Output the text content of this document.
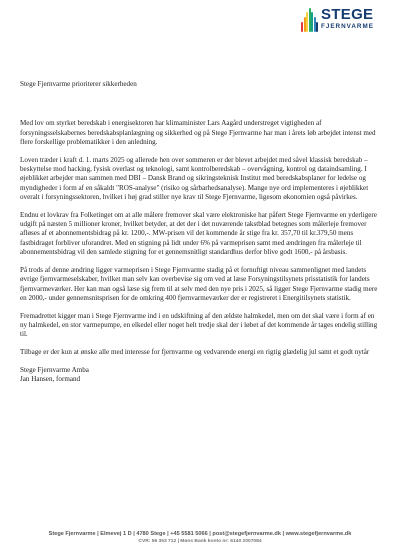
STEGE
FJERNVARME

Stege Fjernvarme prioriterer sikkerheden

Med lov om styrket beredskab i energisektoren har klimaminister Lars Aagård understreget vigtigheden af forsyningsselskabernes beredskabsplanlægning og sikkerhed og på Stege Fjernvarme har man i årets løb arbejdet intenst med flere forskellige problematikker i den anledning.

Loven træder i kraft d. 1. marts 2025 og allerede hen over sommeren er der blevet arbejdet med såvel klassisk beredskab – beskyttelse mod hacking, fysisk overlast og teknologi, samt kontrolberedskab – overvågning, kontrol og dataindsamling. I øjeblikket arbejder man sammen med DBI – Dansk Brand og sikringsteknisk Institut med beredskabsplaner for ledelse og myndigheder i form af en såkaldt "ROS-analyse" (risiko og sårbarhedsanalyse). Mange nye ord implementeres i øjeblikket overalt i forsyningssektoren, hvilket i høj grad stiller nye krav til Stege Fjernvarme, ligesom økonomien også påvirkes.

Endnu et lovkrav fra Folketinget om at alle målere fremover skal være elektroniske har påført Stege Fjernvarme en yderligere udgift på næsten 5 millioner kroner, hvilket betyder, at det der i det nuværende takstblad betegnes som målerleje fremover afløses af et abonnementsbidrag på kr. 1200,-. MW-prisen vil det kommende år stige fra kr. 357,70 til kr.379,50 mens fastbidraget forbliver uforandret. Med en stigning på lidt under 6% på varmeprisen samt med ændringen fra målerleje til abonnementsbidrag vil den samlede stigning for et gennemsnitligt standardhus derfor blive godt 1600,- på årsbasis.

På trods af denne ændring ligger varmeprisen i Stege Fjernvarme stadig på et fornuftigt niveau sammenlignet med landets øvrige fjernvarmeselskaber, hvilket man selv kan overbevise sig om ved at læse Forsyningstilsynets prisstatistik for landets fjernvarmeværker. Her kan man også læse sig frem til at selv med den nye pris i 2025, så ligger Stege Fjernvarme stadig mere en 2000,- under gennemsnitsprisen for de omkring 400 fjernvarmeværker der er registreret i Energitilsynets statistik.

Fremadrettet kigger man i Stege Fjernvarme ind i en udskiftning af den ældste halmkedel, men om det skal være i form af en ny halmkedel, en stor varmepumpe, en elkedel eller noget helt tredje skal der i løbet af det kommende år tages endelig stilling til.

Tilbage er der kun at ønske alle med interesse for fjernvarme og vedvarende energi en rigtig glædelig jul samt et godt nytår

Stege Fjernvarme Amba

Jan Hansen, formand

Stege Fjernvarme | Elmevej 1 D | 4780 Stege | +45 5581 5066 | post@stegefjernvarme.dk | www.stegefjernvarme.dk
CVR: 56 353 712 | Møns Bank konto nr: 6140 2007084
